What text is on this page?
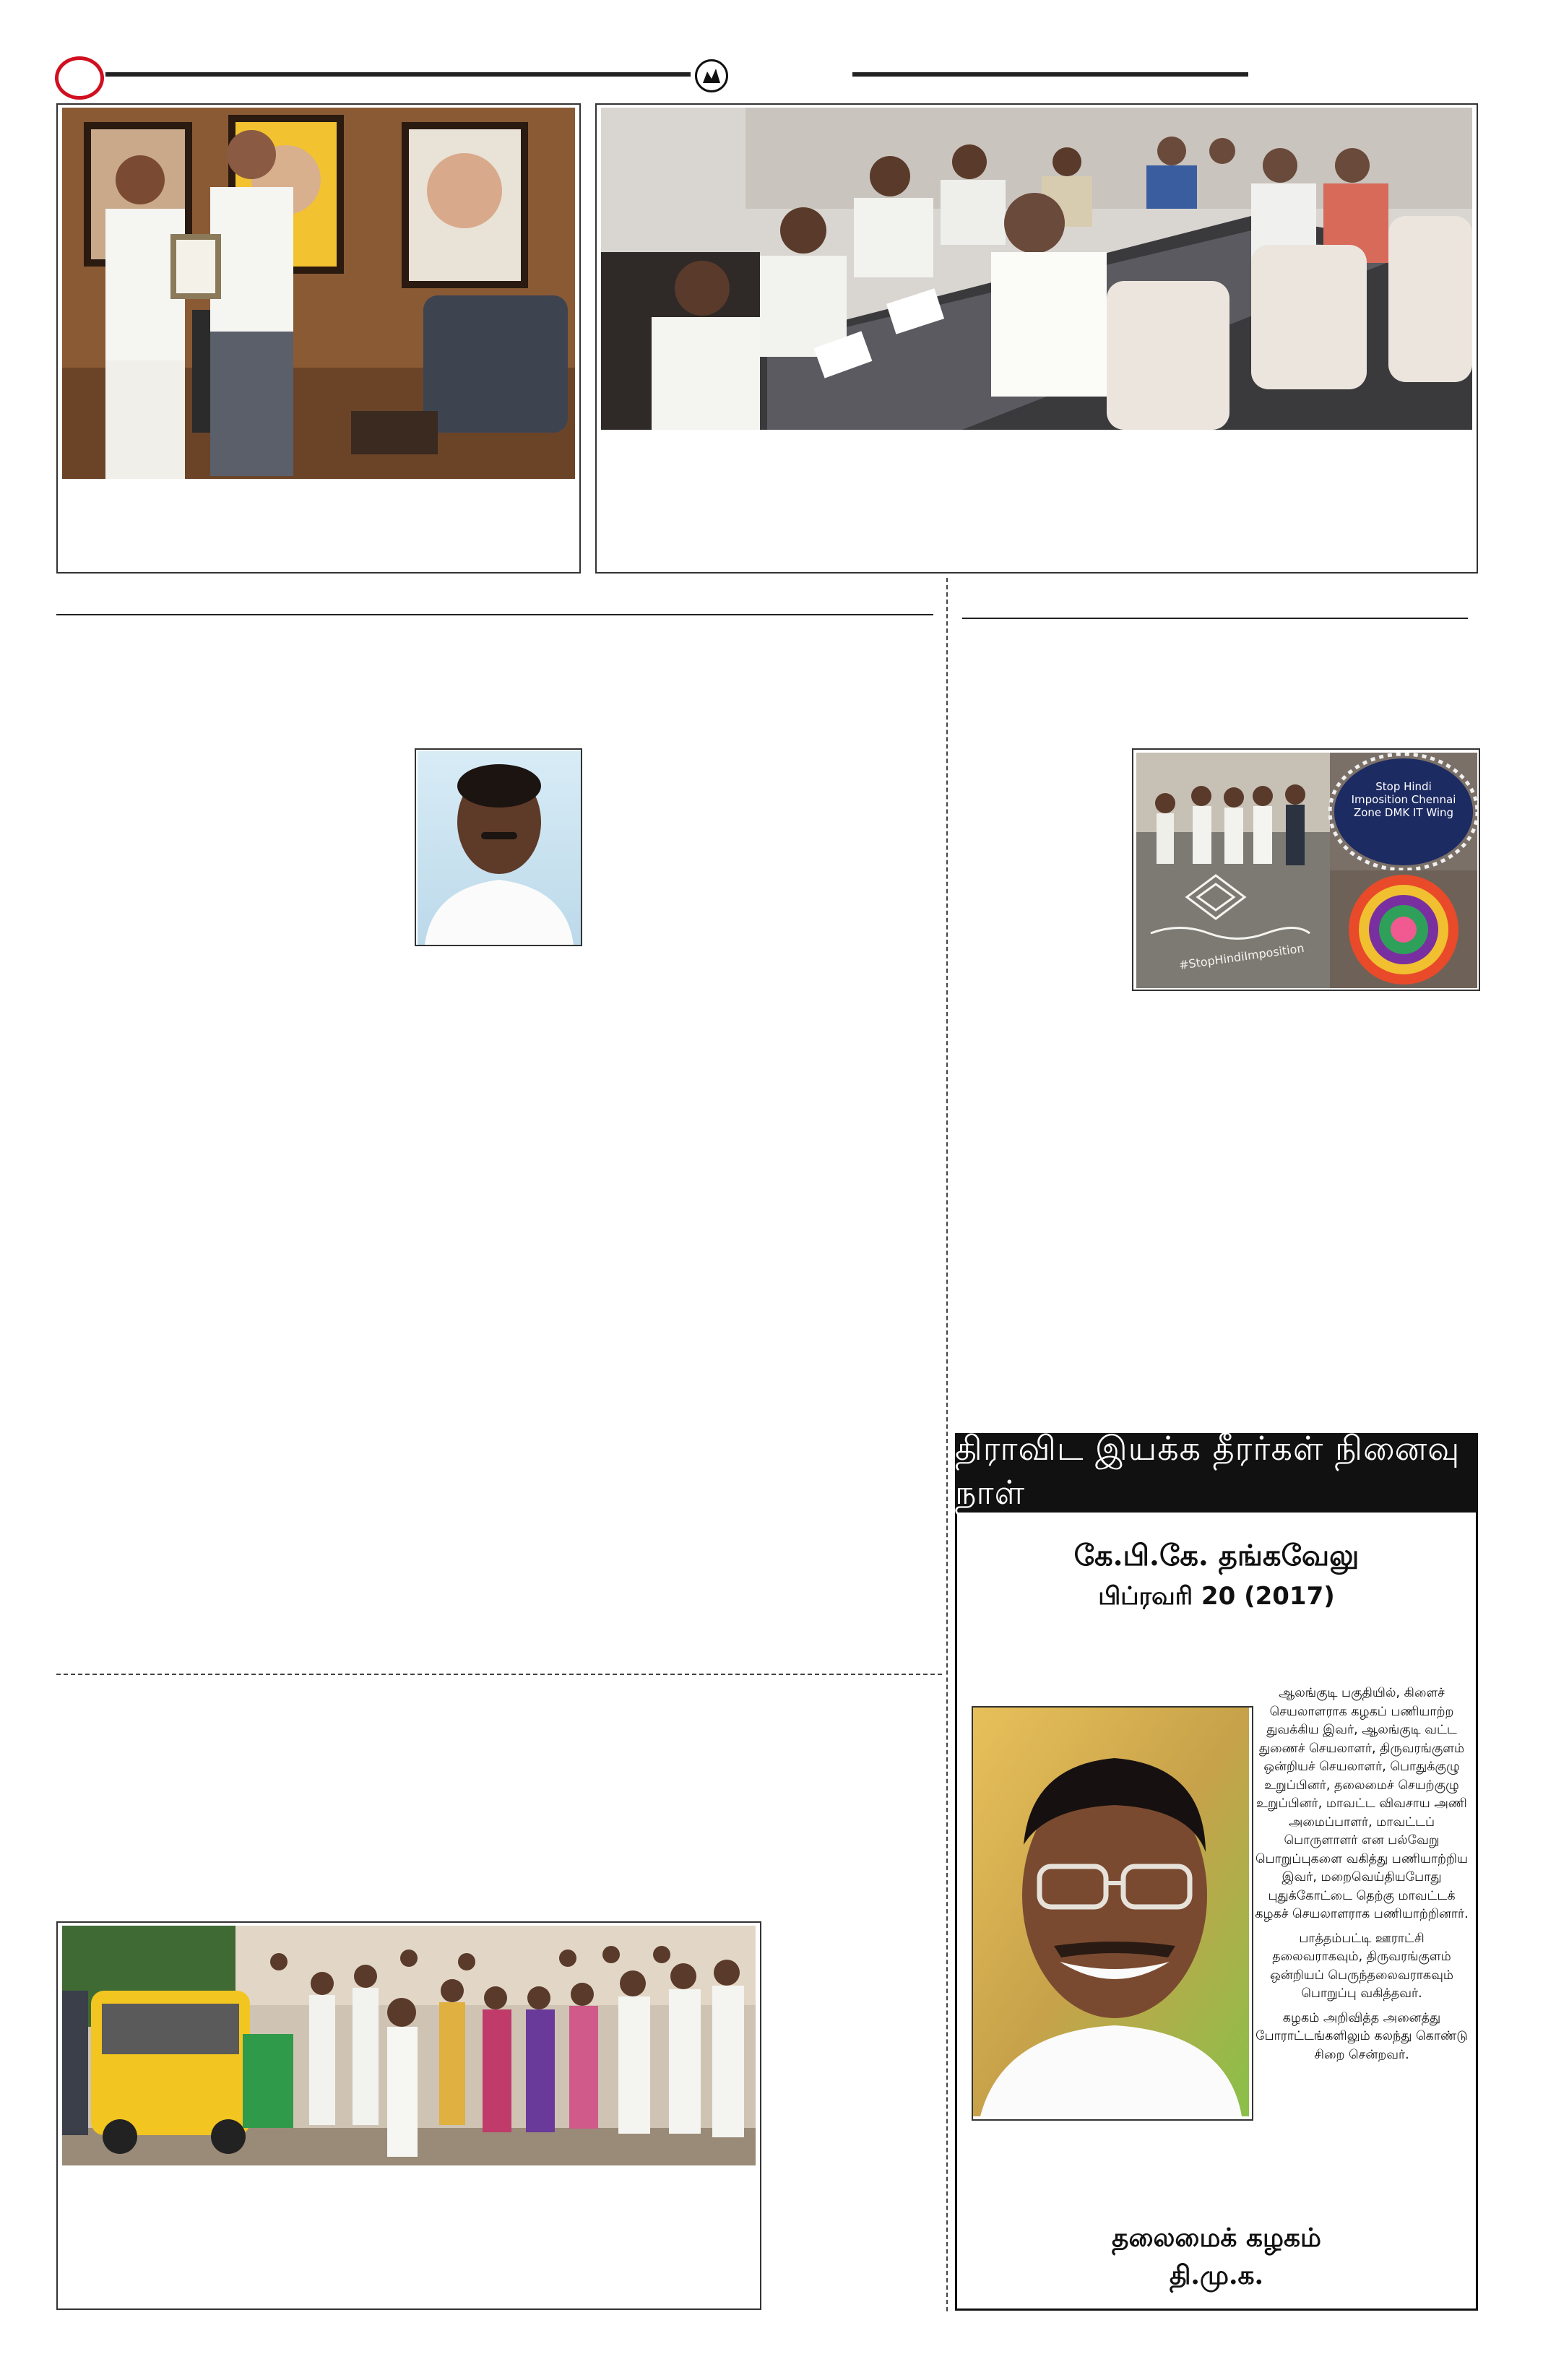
#StopHindiImposition
Stop Hindi Imposition Chennai Zone DMK IT Wing
திராவிட இயக்க தீரர்கள் நினைவு நாள்
கே.பி.கே. தங்கவேலு
பிப்ரவரி 20 (2017)

ஆலங்குடி பகுதியில், கிளைச் செயலாளராக கழகப் பணியாற்ற துவக்கிய இவர், ஆலங்குடி வட்ட துணைச் செயலாளர், திருவரங்குளம் ஒன்றியச் செயலாளர், பொதுக்குழு உறுப்பினர், தலைமைச் செயற்குழு உறுப்பினர், மாவட்ட விவசாய அணி அமைப்பாளர், மாவட்டப் பொருளாளர் என பல்வேறு பொறுப்புகளை வகித்து பணியாற்றிய இவர், மறைவெய்தியபோது புதுக்கோட்டை தெற்கு மாவட்டக் கழகச் செயலாளராக பணியாற்றினார்.

பாத்தம்பட்டி ஊராட்சி தலைவராகவும், திருவரங்குளம் ஒன்றியப் பெருந்தலைவராகவும் பொறுப்பு வகித்தவர்.

கழகம் அறிவித்த அனைத்து போராட்டங்களிலும் கலந்து கொண்டு சிறை சென்றவர்.

தலைமைக் கழகம்
தி.மு.க.
